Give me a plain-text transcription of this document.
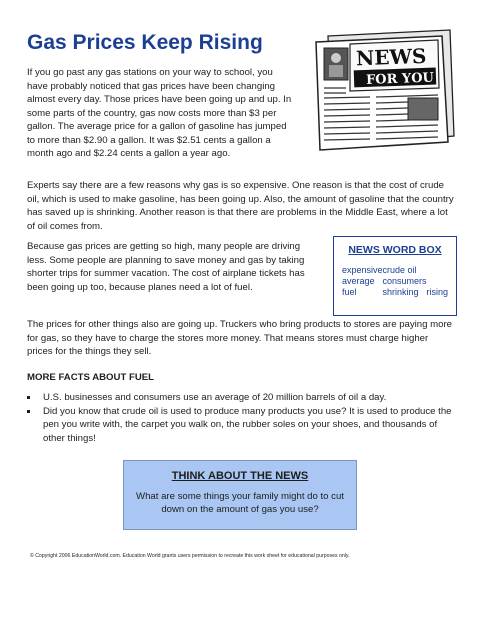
Gas Prices Keep Rising
NEWS
FOR YOU

If you go past any gas stations on your way to school, you have probably noticed that gas prices have been changing almost every day. Those prices have been going up and up. In some parts of the country, gas now costs more than $3 per gallon. The average price for a gallon of gasoline has jumped to more than $2.90 a gallon. It was $2.51 cents a gallon a month ago and $2.24 cents a gallon a year ago.

Experts say there are a few reasons why gas is so expensive. One reason is that the cost of crude oil, which is used to make gasoline, has been going up. Also, the amount of gasoline that the country has saved up is shrinking. Another reason is that there are problems in the Middle East, where a lot of oil comes from.

Because gas prices are getting so high, many people are driving less. Some people are planning to save money and gas by taking shorter trips for summer vacation. The cost of airplane tickets has been going up too, because planes need a lot of fuel.

NEWS WORD BOX
expensive crude oil
average consumers
fuel	shrinking rising

The prices for other things also are going up. Truckers who bring products to stores are paying more for gas, so they have to charge the stores more money. That means stores must charge higher prices for the things they sell.

MORE FACTS ABOUT FUEL

U.S. businesses and consumers use an average of 20 million barrels of oil a day.
Did you know that crude oil is used to produce many products you use? It is used to produce the pen you write with, the carpet you walk on, the rubber soles on your shoes, and thousands of other things!
THINK ABOUT THE NEWS
What are some things your family might do to cut down on the amount of gas you use?

© Copyright 2006 EducationWorld.com. Education World grants users permission to recreate this work sheet for educational purposes only.
